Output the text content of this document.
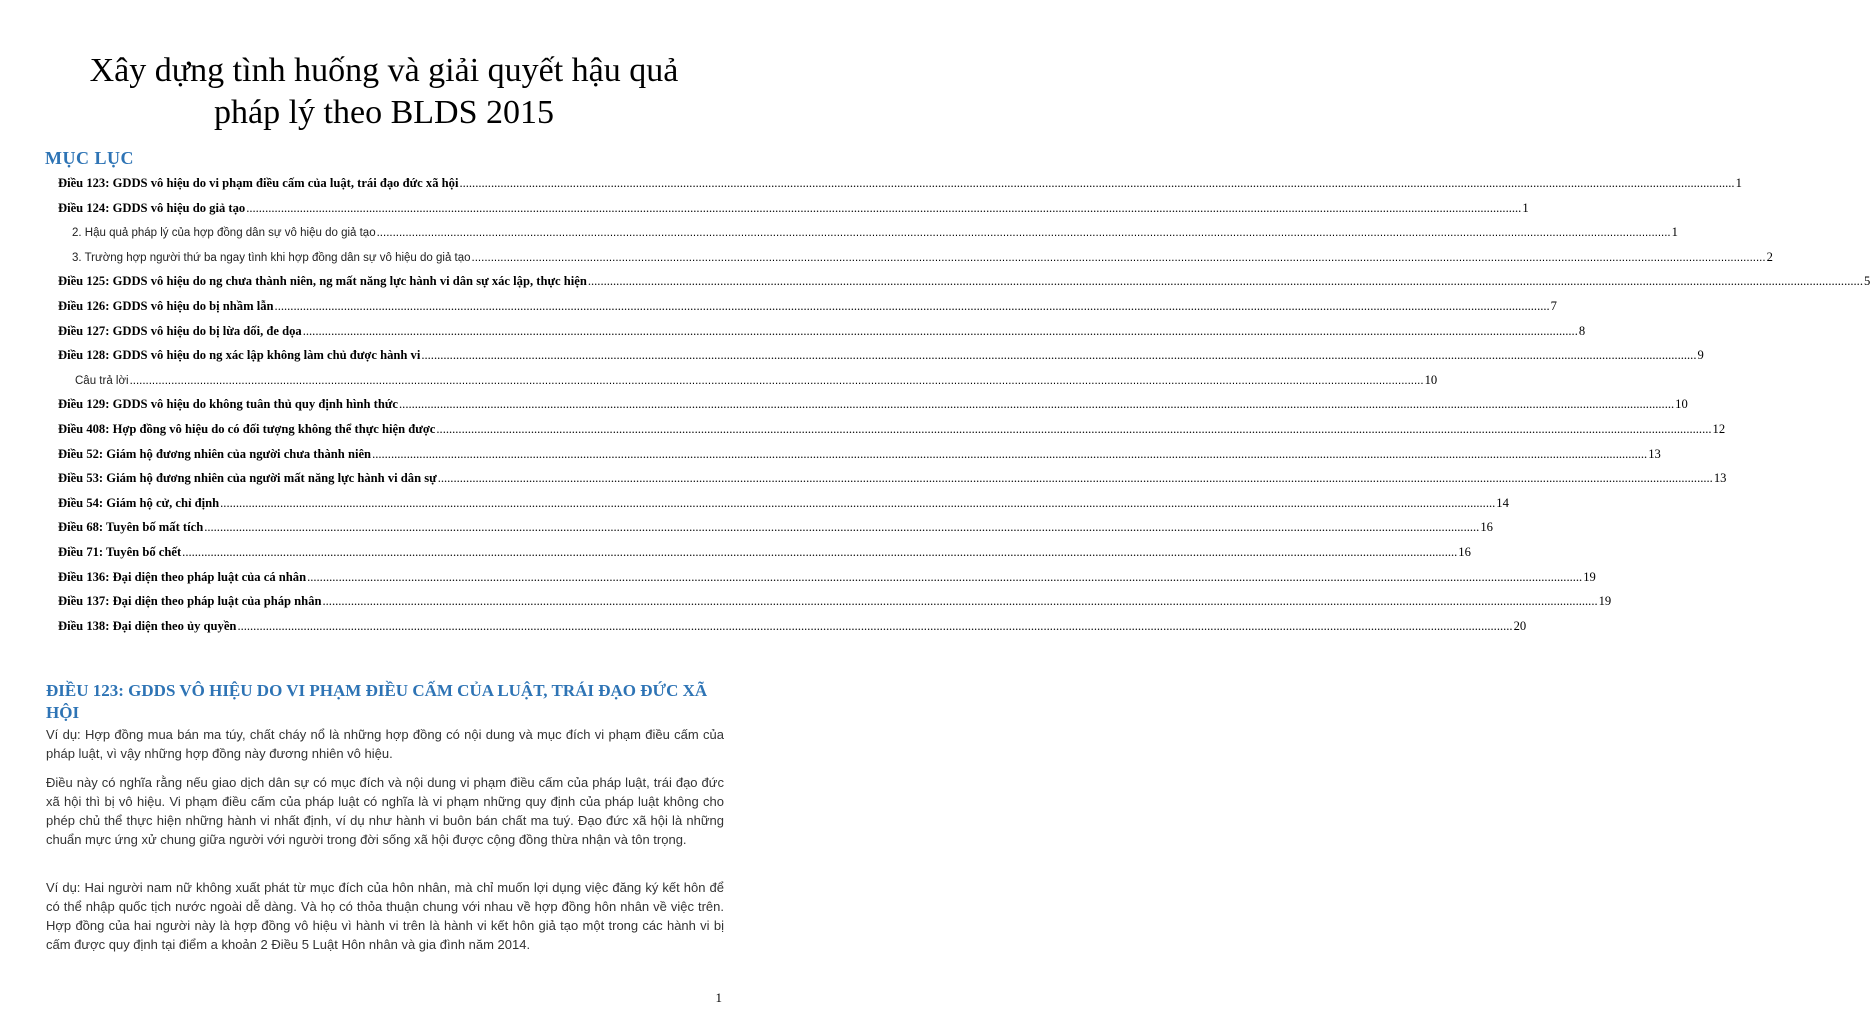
Xây dựng tình huống và giải quyết hậu quả
pháp lý theo BLDS 2015
MỤC LỤC
Điều 123: GDDS vô hiệu do vi phạm điều cấm của luật, trái đạo đức xã hội .....	1
Điều 124: GDDS vô hiệu do giả tạo .....	1
2. Hậu quả pháp lý của hợp đồng dân sự vô hiệu do giả tạo .....	1
3. Trường hợp người thứ ba ngay tình khi hợp đồng dân sự vô hiệu do giả tạo .....	2
Điều 125: GDDS vô hiệu do ng chưa thành niên, ng mất năng lực hành vi dân sự xác lập, thực hiện .....	5
Điều 126: GDDS vô hiệu do bị nhầm lẫn .....	7
Điều 127: GDDS vô hiệu do bị lừa dối, đe dọa .....	8
Điều 128: GDDS vô hiệu do ng xác lập không làm chủ được hành vi .....	9
Câu trả lời .....	10
Điều 129: GDDS vô hiệu do không tuân thủ quy định hình thức .....	10
Điều 408: Hợp đồng vô hiệu do có đối tượng không thể thực hiện được .....	12
Điều 52: Giám hộ đương nhiên của người chưa thành niên .....	13
Điều 53: Giám hộ đương nhiên của người mất năng lực hành vi dân sự .....	13
Điều 54: Giám hộ cử, chỉ định .....	14
Điều 68: Tuyên bố mất tích .....	16
Điều 71: Tuyên bố chết .....	16
Điều 136: Đại diện theo pháp luật của cá nhân .....	19
Điều 137: Đại diện theo pháp luật của pháp nhân .....	19
Điều 138: Đại diện theo ủy quyền .....	20
ĐIỀU 123: GDDS VÔ HIỆU DO VI PHẠM ĐIỀU CẤM CỦA LUẬT, TRÁI ĐẠO ĐỨC XÃ HỘI

Ví dụ: Hợp đồng mua bán ma túy, chất cháy nổ là những hợp đồng có nội dung và mục đích vi phạm điều cấm của pháp luật, vì vậy những hợp đồng này đương nhiên vô hiệu.

Điều này có nghĩa rằng nếu giao dịch dân sự có mục đích và nội dung vi phạm điều cấm của pháp luật, trái đạo đức xã hội thì bị vô hiệu. Vi phạm điều cấm của pháp luật có nghĩa là vi phạm những quy định của pháp luật không cho phép chủ thể thực hiện những hành vi nhất định, ví dụ như hành vi buôn bán chất ma tuý. Đạo đức xã hội là những chuẩn mực ứng xử chung giữa người với người trong đời sống xã hội được cộng đồng thừa nhận và tôn trọng.

Ví dụ: Hai người nam nữ không xuất phát từ mục đích của hôn nhân, mà chỉ muốn lợi dụng việc đăng ký kết hôn để có thể nhập quốc tịch nước ngoài dễ dàng. Và họ có thỏa thuận chung với nhau về hợp đồng hôn nhân về việc trên. Hợp đồng của hai người này là hợp đồng vô hiệu vì hành vi trên là hành vi kết hôn giả tạo một trong các hành vi bị cấm được quy định tại điểm a khoản 2 Điều 5 Luật Hôn nhân và gia đình năm 2014.

1
